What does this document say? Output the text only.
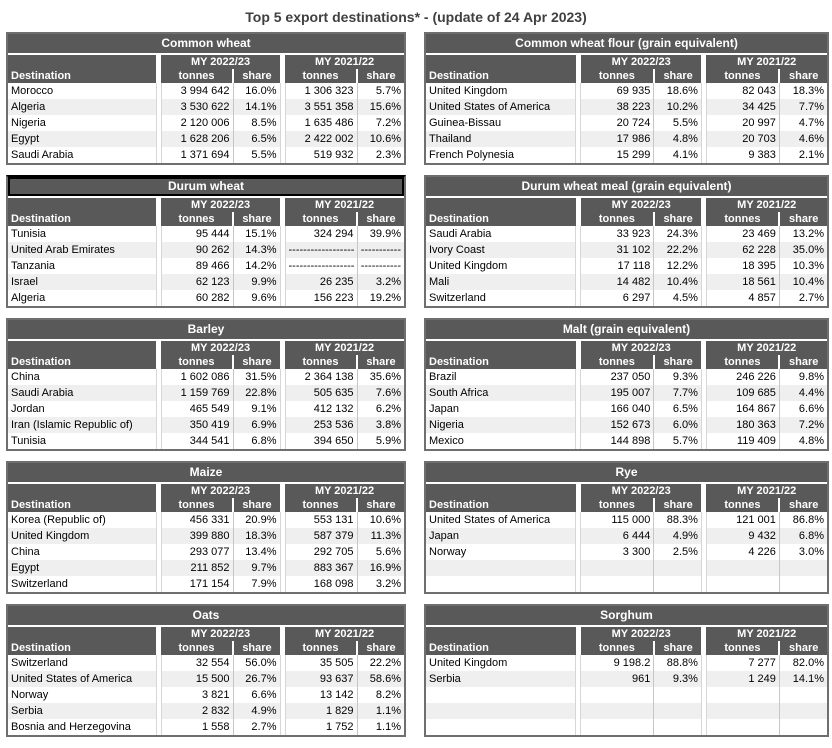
Top 5 export destinations* - (update of 24 Apr 2023)
Common wheat
		MY 2022/23			MY 2021/22	
Destination		tonnes	share		tonnes	share
Morocco		3 994 642	16.0%		1 306 323	5.7%
Algeria		3 530 622	14.1%		3 551 358	15.6%
Nigeria		2 120 006	8.5%		1 635 486	7.2%
Egypt		1 628 206	6.5%		2 422 002	10.6%
Saudi Arabia		1 371 694	5.5%		519 932	2.3%
Common wheat flour (grain equivalent)
		MY 2022/23			MY 2021/22	
Destination		tonnes	share		tonnes	share
United Kingdom		69 935	18.6%		82 043	18.3%
United States of America		38 223	10.2%		34 425	7.7%
Guinea-Bissau		20 724	5.5%		20 997	4.7%
Thailand		17 986	4.8%		20 703	4.6%
French Polynesia		15 299	4.1%		9 383	2.1%
Durum wheat
		MY 2022/23			MY 2021/22	
Destination		tonnes	share		tonnes	share
Tunisia		95 444	15.1%		324 294	39.9%
United Arab Emirates		90 262	14.3%		------------------	-----------
Tanzania		89 466	14.2%		------------------	-----------
Israel		62 123	9.9%		26 235	3.2%
Algeria		60 282	9.6%		156 223	19.2%
Durum wheat meal (grain equivalent)
		MY 2022/23			MY 2021/22	
Destination		tonnes	share		tonnes	share
Saudi Arabia		33 923	24.3%		23 469	13.2%
Ivory Coast		31 102	22.2%		62 228	35.0%
United Kingdom		17 118	12.2%		18 395	10.3%
Mali		14 482	10.4%		18 561	10.4%
Switzerland		6 297	4.5%		4 857	2.7%
Barley
		MY 2022/23			MY 2021/22	
Destination		tonnes	share		tonnes	share
China		1 602 086	31.5%		2 364 138	35.6%
Saudi Arabia		1 159 769	22.8%		505 635	7.6%
Jordan		465 549	9.1%		412 132	6.2%
Iran (Islamic Republic of)		350 419	6.9%		253 536	3.8%
Tunisia		344 541	6.8%		394 650	5.9%
Malt (grain equivalent)
		MY 2022/23			MY 2021/22	
Destination		tonnes	share		tonnes	share
Brazil		237 050	9.3%		246 226	9.8%
South Africa		195 007	7.7%		109 685	4.4%
Japan		166 040	6.5%		164 867	6.6%
Nigeria		152 673	6.0%		180 363	7.2%
Mexico		144 898	5.7%		119 409	4.8%
Maize
		MY 2022/23			MY 2021/22	
Destination		tonnes	share		tonnes	share
Korea (Republic of)		456 331	20.9%		553 131	10.6%
United Kingdom		399 880	18.3%		587 379	11.3%
China		293 077	13.4%		292 705	5.6%
Egypt		211 852	9.7%		883 367	16.9%
Switzerland		171 154	7.9%		168 098	3.2%
Rye
		MY 2022/23			MY 2021/22	
Destination		tonnes	share		tonnes	share
United States of America		115 000	88.3%		121 001	86.8%
Japan		6 444	4.9%		9 432	6.8%
Norway		3 300	2.5%		4 226	3.0%

Oats
		MY 2022/23			MY 2021/22	
Destination		tonnes	share		tonnes	share
Switzerland		32 554	56.0%		35 505	22.2%
United States of America		15 500	26.7%		93 637	58.6%
Norway		3 821	6.6%		13 142	8.2%
Serbia		2 832	4.9%		1 829	1.1%
Bosnia and Herzegovina		1 558	2.7%		1 752	1.1%
Sorghum
		MY 2022/23			MY 2021/22	
Destination		tonnes	share		tonnes	share
United Kingdom		9 198.2	88.8%		7 277	82.0%
Serbia		961	9.3%		1 249	14.1%
